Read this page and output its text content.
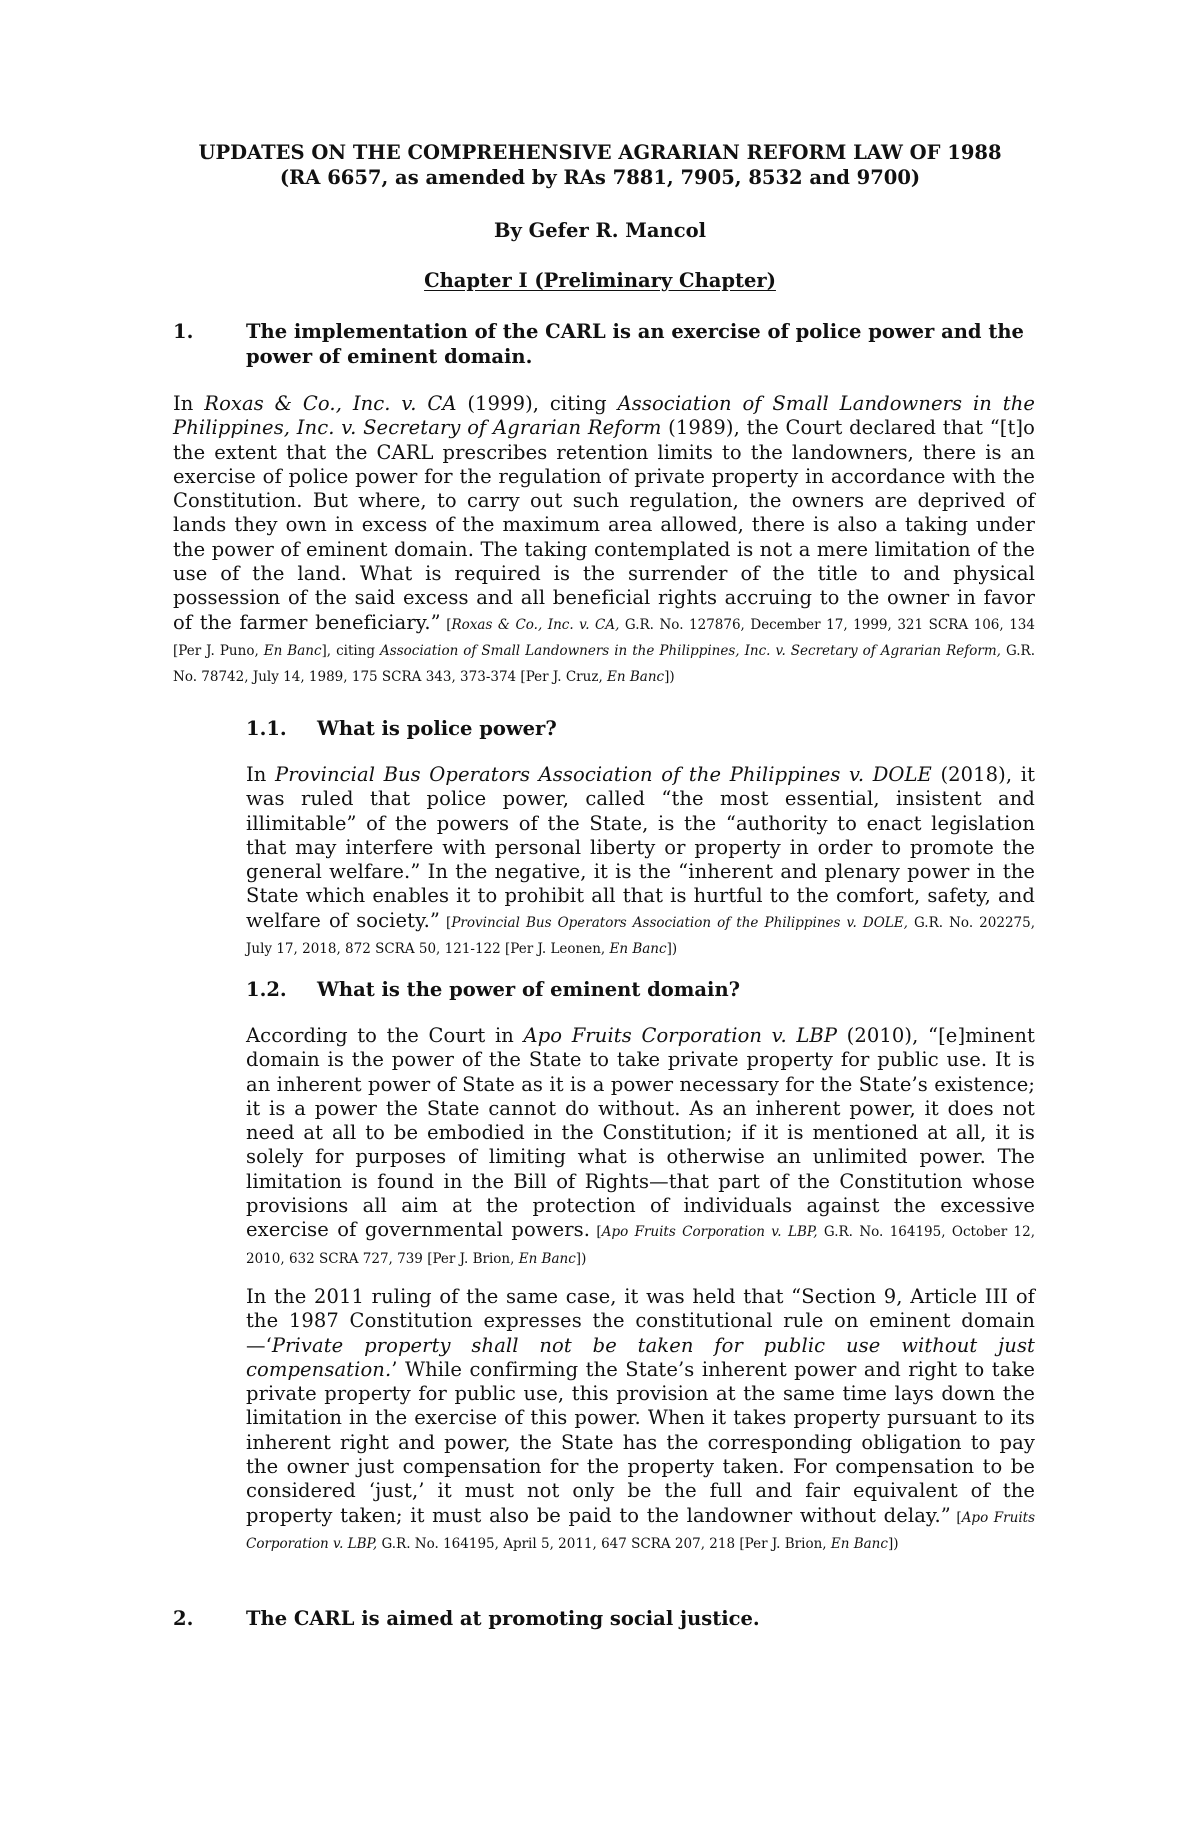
UPDATES ON THE COMPREHENSIVE AGRARIAN REFORM LAW OF 1988
(RA 6657, as amended by RAs 7881, 7905, 8532 and 9700)
By Gefer R. Mancol
Chapter I (Preliminary Chapter)
1.	The implementation of the CARL is an exercise of police power and the power of eminent domain.

In Roxas & Co., Inc. v. CA (1999), citing Association of Small Landowners in the Philippines, Inc. v. Secretary of Agrarian Reform (1989), the Court declared that “[t]o the extent that the CARL prescribes retention limits to the landowners, there is an exercise of police power for the regulation of private property in accordance with the Constitution. But where, to carry out such regulation, the owners are deprived of lands they own in excess of the maximum area allowed, there is also a taking under the power of eminent domain. The taking contemplated is not a mere limitation of the use of the land. What is required is the surrender of the title to and physical possession of the said excess and all beneficial rights accruing to the owner in favor of the farmer beneficiary.” [Roxas & Co., Inc. v. CA, G.R. No. 127876, December 17, 1999, 321 SCRA 106, 134 [Per J. Puno, En Banc], citing Association of Small Landowners in the Philippines, Inc. v. Secretary of Agrarian Reform, G.R. No. 78742, July 14, 1989, 175 SCRA 343, 373-374 [Per J. Cruz, En Banc])

1.1. What is police power?

In Provincial Bus Operators Association of the Philippines v. DOLE (2018), it was ruled that police power, called “the most essential, insistent and illimitable” of the powers of the State, is the “authority to enact legislation that may interfere with personal liberty or property in order to promote the general welfare.” In the negative, it is the “inherent and plenary power in the State which enables it to prohibit all that is hurtful to the comfort, safety, and welfare of society.” [Provincial Bus Operators Association of the Philippines v. DOLE, G.R. No. 202275, July 17, 2018, 872 SCRA 50, 121-122 [Per J. Leonen, En Banc])

1.2. What is the power of eminent domain?

According to the Court in Apo Fruits Corporation v. LBP (2010), “[e]minent domain is the power of the State to take private property for public use. It is an inherent power of State as it is a power necessary for the State’s existence; it is a power the State cannot do without. As an inherent power, it does not need at all to be embodied in the Constitution; if it is mentioned at all, it is solely for purposes of limiting what is otherwise an unlimited power. The limitation is found in the Bill of Rights—that part of the Constitution whose provisions all aim at the protection of individuals against the excessive exercise of governmental powers. [Apo Fruits Corporation v. LBP, G.R. No. 164195, October 12, 2010, 632 SCRA 727, 739 [Per J. Brion, En Banc])

In the 2011 ruling of the same case, it was held that “Section 9, Article III of the 1987 Constitution expresses the constitutional rule on eminent domain—‘Private property shall not be taken for public use without just compensation.’ While confirming the State’s inherent power and right to take private property for public use, this provision at the same time lays down the limitation in the exercise of this power. When it takes property pursuant to its inherent right and power, the State has the corresponding obligation to pay the owner just compensation for the property taken. For compensation to be considered ‘just,’ it must not only be the full and fair equivalent of the property taken; it must also be paid to the landowner without delay.” [Apo Fruits Corporation v. LBP, G.R. No. 164195, April 5, 2011, 647 SCRA 207, 218 [Per J. Brion, En Banc])

2.	The CARL is aimed at promoting social justice.
